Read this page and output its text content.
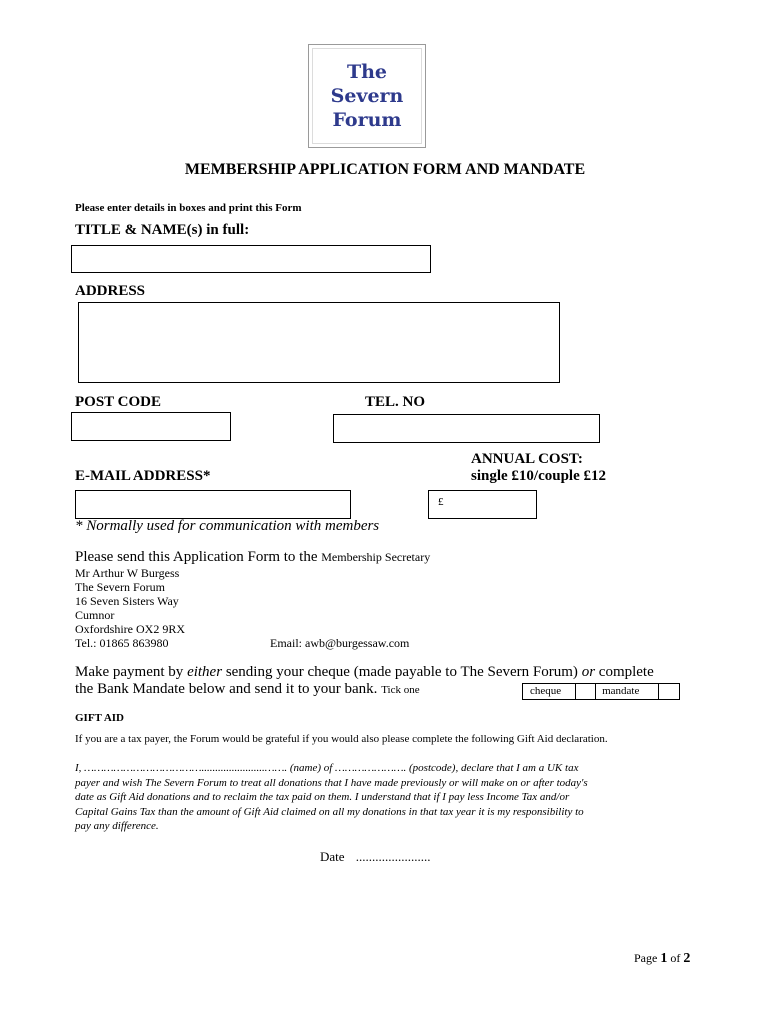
The
Severn
Forum
MEMBERSHIP APPLICATION FORM AND MANDATE
Please enter details in boxes and print this Form
TITLE & NAME(s) in full:
ADDRESS
POST CODE	TEL. NO
ANNUAL COST:
single £10/couple £12
E-MAIL ADDRESS*
£
* Normally used for communication with members
Please send this Application Form to the Membership Secretary
Mr Arthur W Burgess
The Severn Forum
16 Seven Sisters Way
Cumnor
Oxfordshire OX2 9RX
Tel.: 01865 863980	Email: awb@burgessaw.com
Make payment by either sending your cheque (made payable to The Severn Forum) or complete
the Bank Mandate below and send it to your bank. Tick one	cheque	mandate
GIFT AID
If you are a tax payer, the Forum would be grateful if you would also please complete the following Gift Aid declaration.
I, ……………………………….......................……. (name) of …………………. (postcode), declare that I am a UK tax
payer and wish The Severn Forum to treat all donations that I have made previously or will make on or after today's
date as Gift Aid donations and to reclaim the tax paid on them. I understand that if I pay less Income Tax and/or
Capital Gains Tax than the amount of Gift Aid claimed on all my donations in that tax year it is my responsibility to
pay any difference.
Date .......................
Page 1 of 2
